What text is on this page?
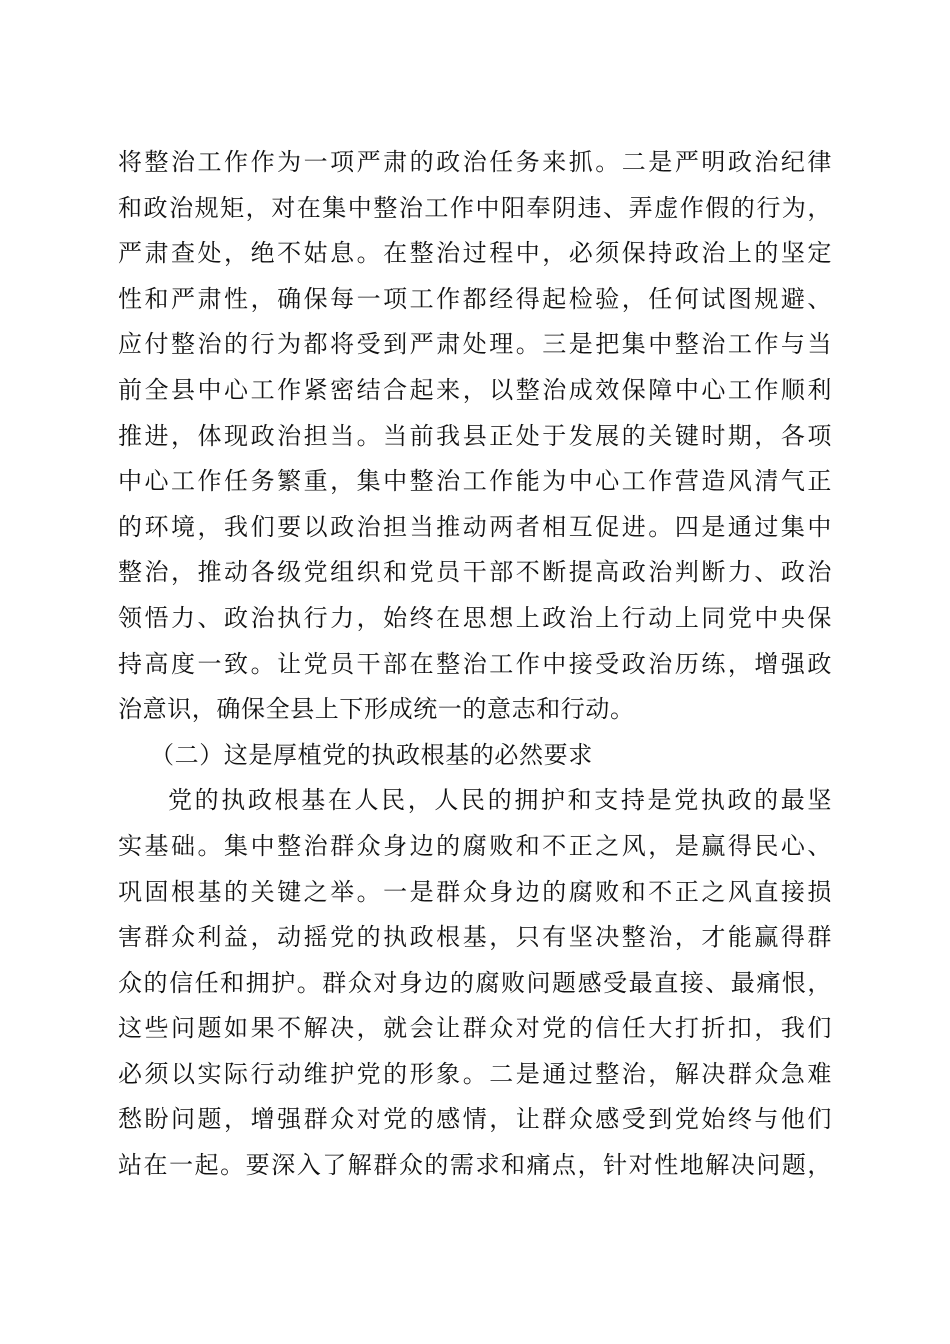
将整治工作作为一项严肃的政治任务来抓。二是严明政治纪律
和政治规矩，对在集中整治工作中阳奉阴违、弄虚作假的行为，
严肃查处，绝不姑息。在整治过程中，必须保持政治上的坚定
性和严肃性，确保每一项工作都经得起检验，任何试图规避、
应付整治的行为都将受到严肃处理。三是把集中整治工作与当
前全县中心工作紧密结合起来，以整治成效保障中心工作顺利
推进，体现政治担当。当前我县正处于发展的关键时期，各项
中心工作任务繁重，集中整治工作能为中心工作营造风清气正
的环境，我们要以政治担当推动两者相互促进。四是通过集中
整治，推动各级党组织和党员干部不断提高政治判断力、政治
领悟力、政治执行力，始终在思想上政治上行动上同党中央保
持高度一致。让党员干部在整治工作中接受政治历练，增强政
治意识，确保全县上下形成统一的意志和行动。
（二）这是厚植党的执政根基的必然要求
党的执政根基在人民，人民的拥护和支持是党执政的最坚
实基础。集中整治群众身边的腐败和不正之风，是赢得民心、
巩固根基的关键之举。一是群众身边的腐败和不正之风直接损
害群众利益，动摇党的执政根基，只有坚决整治，才能赢得群
众的信任和拥护。群众对身边的腐败问题感受最直接、最痛恨，
这些问题如果不解决，就会让群众对党的信任大打折扣，我们
必须以实际行动维护党的形象。二是通过整治，解决群众急难
愁盼问题，增强群众对党的感情，让群众感受到党始终与他们
站在一起。要深入了解群众的需求和痛点，针对性地解决问题，
